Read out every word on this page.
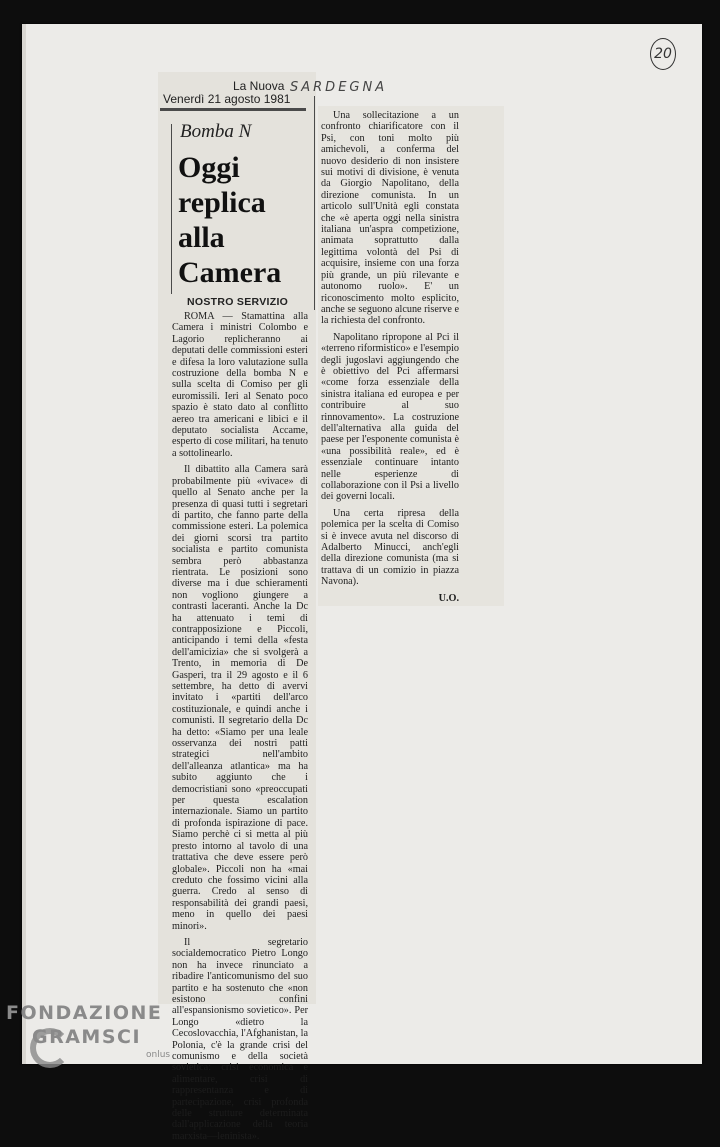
20
La Nuova
Venerdì 21 agosto 1981
SARDEGNA
Bomba N
Oggi replica alla Camera
NOSTRO SERVIZIO

ROMA — Stamattina alla Camera i ministri Colombo e Lagorio replicheranno ai deputati delle commissioni esteri e difesa la loro valutazione sulla costruzione della bomba N e sulla scelta di Comiso per gli euromissili. Ieri al Senato poco spazio è stato dato al conflitto aereo tra americani e libici e il deputato socialista Accame, esperto di cose militari, ha tenuto a sottolinearlo.

Il dibattito alla Camera sarà probabilmente più «vivace» di quello al Senato anche per la presenza di quasi tutti i segretari di partito, che fanno parte della commissione esteri. La polemica dei giorni scorsi tra partito socialista e partito comunista sembra però abbastanza rientrata. Le posizioni sono diverse ma i due schieramenti non vogliono giungere a contrasti laceranti. Anche la Dc ha attenuato i temi di contrapposizione e Piccoli, anticipando i temi della «festa dell'amicizia» che si svolgerà a Trento, in memoria di De Gasperi, tra il 29 agosto e il 6 settembre, ha detto di avervi invitato i «partiti dell'arco costituzionale, e quindi anche i comunisti. Il segretario della Dc ha detto: «Siamo per una leale osservanza dei nostri patti strategici nell'ambito dell'alleanza atlantica» ma ha subito aggiunto che i democristiani sono «preoccupati per questa escalation internazionale. Siamo un partito di profonda ispirazione di pace. Siamo perchè ci si metta al più presto intorno al tavolo di una trattativa che deve essere però globale». Piccoli non ha «mai creduto che fossimo vicini alla guerra. Credo al senso di responsabilità dei grandi paesi, meno in quello dei paesi minori».

Il segretario socialdemocratico Pietro Longo non ha invece rinunciato a ribadire l'anticomunismo del suo partito e ha sostenuto che «non esistono confini all'espansionismo sovietico». Per Longo «dietro la Cecoslovacchia, l'Afghanistan, la Polonia, c'è la grande crisi del comunismo e della società sovietica: crisi economica e alimentare, crisi di rappresentanza e di partecipazione, crisi profonda delle strutture determinata dall'applicazione della teoria marxista—leninista».

Una sollecitazione a un confronto chiarificatore con il Psi, con toni molto più amichevoli, a conferma del nuovo desiderio di non insistere sui motivi di divisione, è venuta da Giorgio Napolitano, della direzione comunista. In un articolo sull'Unità egli constata che «è aperta oggi nella sinistra italiana un'aspra competizione, animata soprattutto dalla legittima volontà del Psi di acquisire, insieme con una forza più grande, un più rilevante e autonomo ruolo». E' un riconoscimento molto esplicito, anche se seguono alcune riserve e la richiesta del confronto.

Napolitano ripropone al Pci il «terreno riformistico» e l'esempio degli jugoslavi aggiungendo che è obiettivo del Pci affermarsi «come forza essenziale della sinistra italiana ed europea e per contribuire al suo rinnovamento». La costruzione dell'alternativa alla guida del paese per l'esponente comunista è «una possibilità reale», ed è essenziale continuare intanto nelle esperienze di collaborazione con il Psi a livello dei governi locali.

Una certa ripresa della polemica per la scelta di Comiso si è invece avuta nel discorso di Adalberto Minucci, anch'egli della direzione comunista (ma si trattava di un comizio in piazza Navona).

U.O.
FONDAZIONE
GRAMSCI
onlus
